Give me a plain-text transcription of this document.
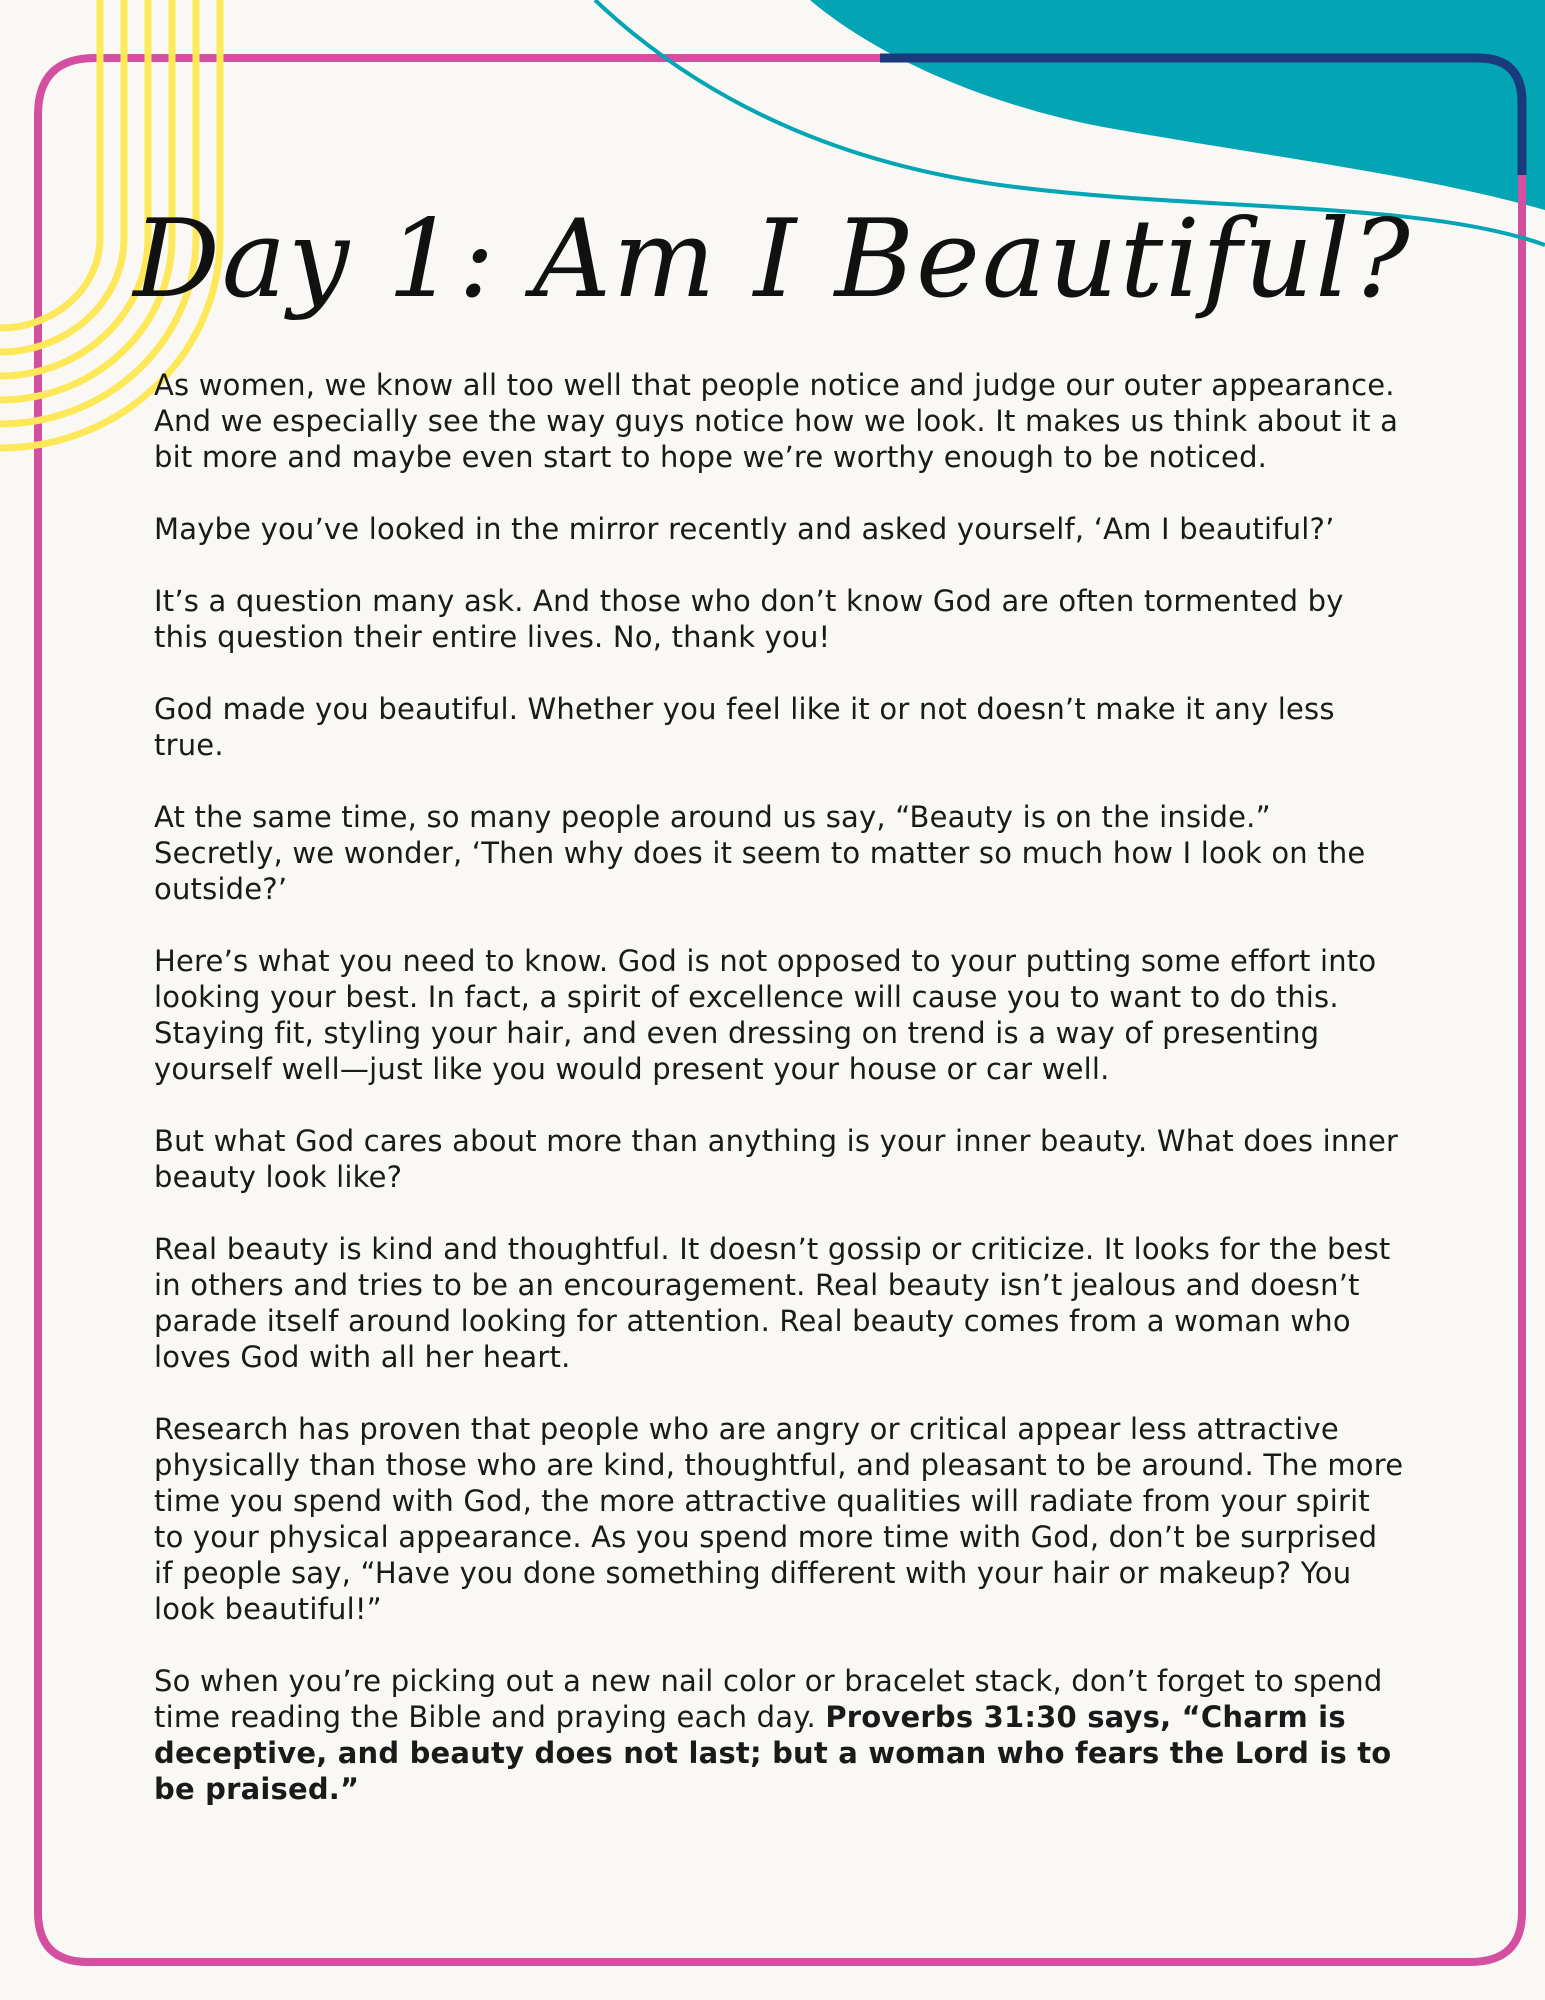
Day 1: Am I Beautiful?

As women, we know all too well that people notice and judge our outer appearance. And we especially see the way guys notice how we look. It makes us think about it a bit more and maybe even start to hope we’re worthy enough to be noticed.

Maybe you’ve looked in the mirror recently and asked yourself, ‘Am I beautiful?’

It’s a question many ask. And those who don’t know God are often tormented by this question their entire lives. No, thank you!

God made you beautiful. Whether you feel like it or not doesn’t make it any less true.

At the same time, so many people around us say, “Beauty is on the inside.” Secretly, we wonder, ‘Then why does it seem to matter so much how I look on the outside?’

Here’s what you need to know. God is not opposed to your putting some effort into looking your best. In fact, a spirit of excellence will cause you to want to do this. Staying fit, styling your hair, and even dressing on trend is a way of presenting yourself well—just like you would present your house or car well.

But what God cares about more than anything is your inner beauty. What does inner beauty look like?

Real beauty is kind and thoughtful. It doesn’t gossip or criticize. It looks for the best in others and tries to be an encouragement. Real beauty isn’t jealous and doesn’t parade itself around looking for attention. Real beauty comes from a woman who loves God with all her heart.

Research has proven that people who are angry or critical appear less attractive physically than those who are kind, thoughtful, and pleasant to be around. The more time you spend with God, the more attractive qualities will radiate from your spirit to your physical appearance. As you spend more time with God, don’t be surprised if people say, “Have you done something different with your hair or makeup? You look beautiful!”

So when you’re picking out a new nail color or bracelet stack, don’t forget to spend time reading the Bible and praying each day. Proverbs 31:30 says, “Charm is deceptive, and beauty does not last; but a woman who fears the Lord is to be praised.”
